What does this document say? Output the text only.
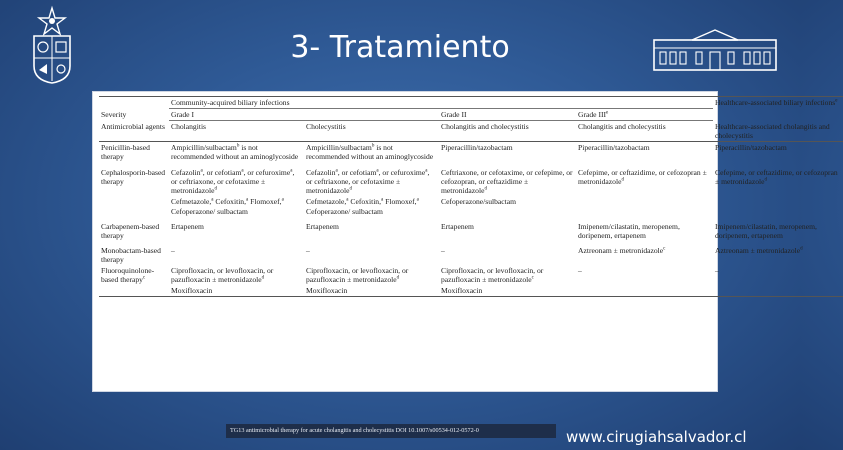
3- Tratamiento
	Community-acquired biliary infections				Healthcare-associated biliary infections$^e$
Severity	Grade I		Grade II	Grade IIIe	
Antimicrobial agents	Cholangitis	Cholecystitis	Cholangitis and cholecystitis	Cholangitis and cholecystitis	Healthcare-associated cholangitis and cholecystitis
Penicillin-based therapy	Ampicillin/sulbactam$^b$ is not recommended without an aminoglycoside	Ampicillin/sulbactam$^b$ is not recommended without an aminoglycoside	Piperacillin/tazobactam	Piperacillin/tazobactam	Piperacillin/tazobactam
Cephalosporin-based therapy	Cefazolin$^a$, or cefotiam$^a$, or cefuroxime$^a$, or ceftriaxone, or cefotaxime ± metronidazole$^d$	Cefazolin$^a$, or cefotiam$^a$, or cefuroxime$^a$, or ceftriaxone, or cefotaxime ± metronidazole$^d$	Ceftriaxone, or cefotaxime, or cefepime, or cefozopran, or ceftazidime ± metronidazole$^d$	Cefepime, or ceftazidime, or cefozopran ± metronidazole$^d$	Cefepime, or ceftazidime, or cefozopran ± metronidazole$^d$
	Cefmetazole,$^a$ Cefoxitin,$^a$ Flomoxef,$^a$ Cefoperazone/ sulbactam	Cefmetazole,$^a$ Cefoxitin,$^a$ Flomoxef,$^a$ Cefoperazone/ sulbactam	Cefoperazone/sulbactam		
Carbapenem-based therapy	Ertapenem	Ertapenem	Ertapenem	Imipenem/cilastatin, meropenem, doripenem, ertapenem	Imipenem/cilastatin, meropenem, doripenem, ertapenem
Monobactam-based therapy	–	–	–	Aztreonam ± metronidazole$^c$	Aztreonam ± metronidazole$^d$
Fluoroquinolone-based therapy$^c$	Ciprofloxacin, or levofloxacin, or pazufloxacin ± metronidazole$^d$	Ciprofloxacin, or levofloxacin, or pazufloxacin ± metronidazole$^d$	Ciprofloxacin, or levofloxacin, or pazufloxacin ± metronidazole$^c$	–	–
	Moxifloxacin	Moxifloxacin	Moxifloxacin		
TG13 antimicrobial therapy for acute cholangitis and cholecystitis DOI 10.1007/s00534-012-0572-0	www.cirugiahsalvador.cl
